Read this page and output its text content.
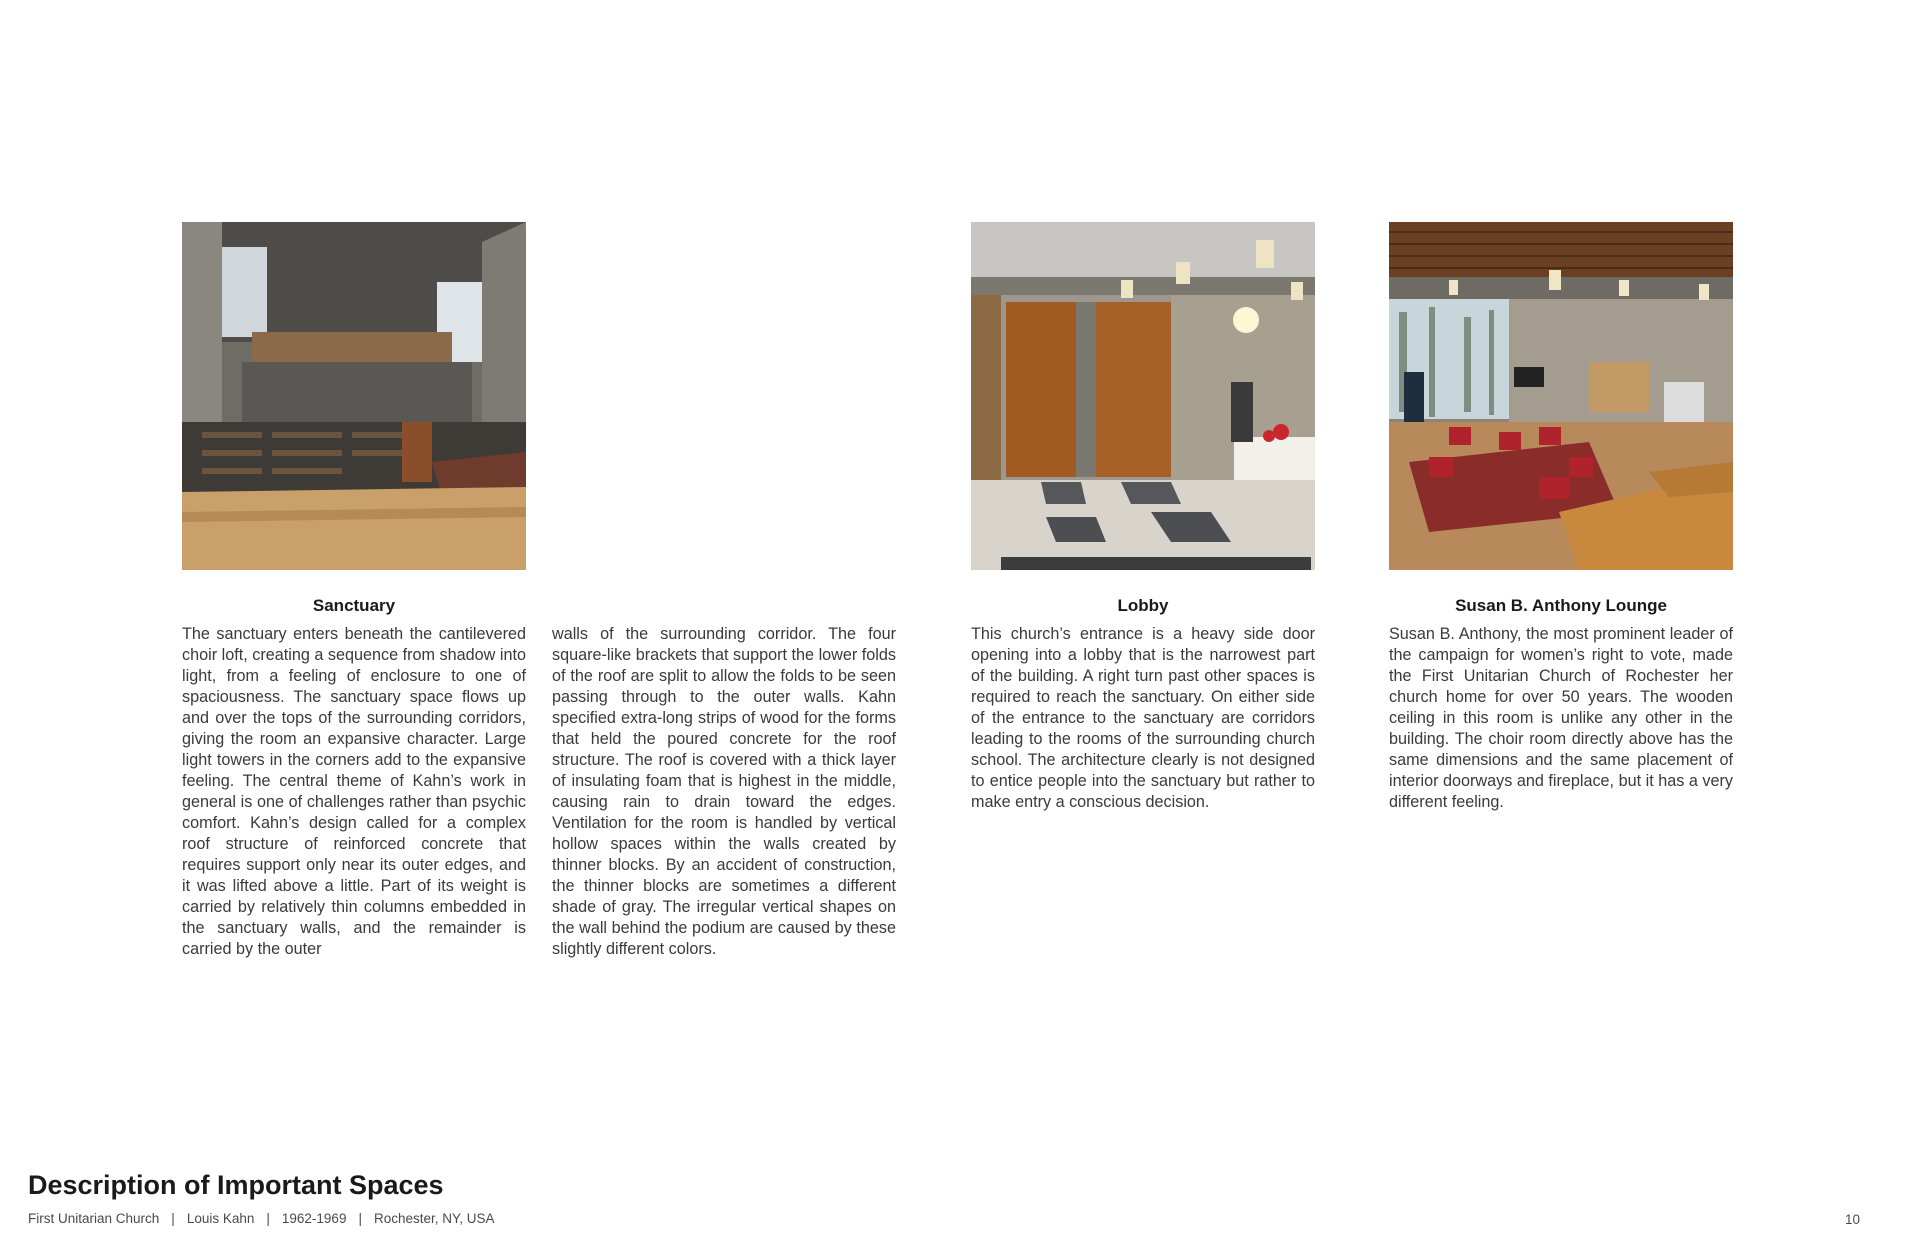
Sanctuary	Lobby	Susan B. Anthony Lounge

The sanctuary enters beneath the cantilevered choir loft, creating a sequence from shadow into light, from a feeling of enclosure to one of spaciousness. The sanctuary space flows up and over the tops of the surrounding corridors, giving the room an expansive character. Large light towers in the corners add to the expansive feeling. The central theme of Kahn’s work in general is one of challenges rather than psychic comfort. Kahn’s design called for a complex roof structure of reinforced concrete that requires support only near its outer edges, and it was lifted above a little. Part of its weight is carried by relatively thin columns embedded in the sanctuary walls, and the remainder is carried by the outer

walls of the surrounding corridor. The four square-like brackets that support the lower folds of the roof are split to allow the folds to be seen passing through to the outer walls. Kahn specified extra-long strips of wood for the forms that held the poured concrete for the roof structure. The roof is covered with a thick layer of insulating foam that is highest in the middle, causing rain to drain toward the edges. Ventilation for the room is handled by vertical hollow spaces within the walls created by thinner blocks. By an accident of construction, the thinner blocks are sometimes a different shade of gray. The irregular vertical shapes on the wall behind the podium are caused by these slightly different colors.

This church’s entrance is a heavy side door opening into a lobby that is the narrowest part of the building. A right turn past other spaces is required to reach the sanctuary. On either side of the entrance to the sanctuary are corridors leading to the rooms of the surrounding church school. The architecture clearly is not designed to entice people into the sanctuary but rather to make entry a conscious decision.

Susan B. Anthony, the most prominent leader of the campaign for women’s right to vote, made the First Unitarian Church of Rochester her church home for over 50 years. The wooden ceiling in this room is unlike any other in the building. The choir room directly above has the same dimensions and the same placement of interior doorways and fireplace, but it has a very different feeling.

Description of Important Spaces
First Unitarian Church | Louis Kahn | 1962-1969 | Rochester, NY, USA	10
